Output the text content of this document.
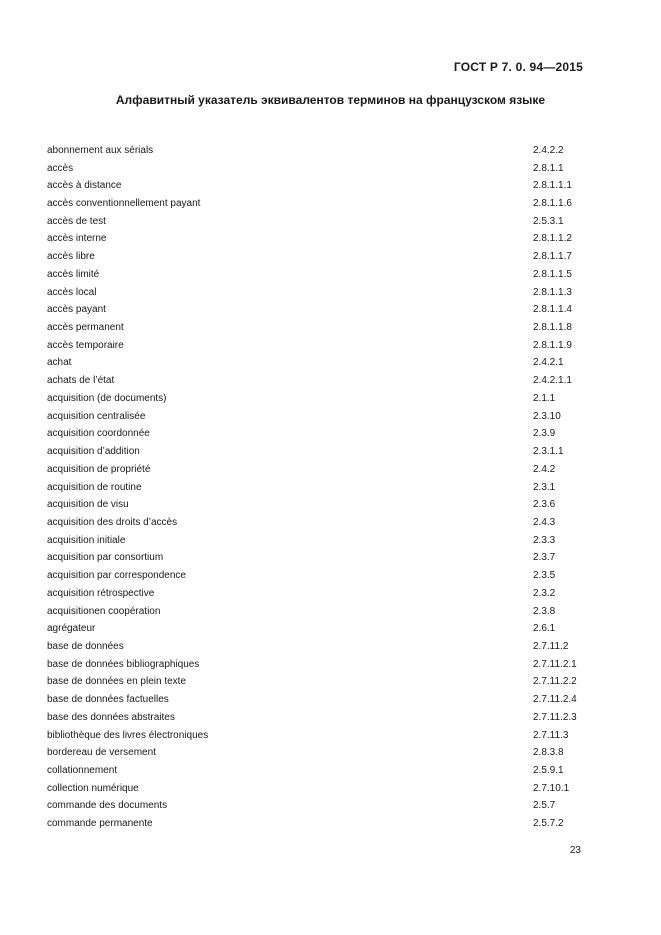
ГОСТ Р 7. 0. 94—2015
Алфавитный указатель эквивалентов терминов на французском языке
abonnement aux sérials	2.4.2.2
accès	2.8.1.1
accès à distance	2.8.1.1.1
accès conventionnellement payant	2.8.1.1.6
accès de test	2.5.3.1
accès interne	2.8.1.1.2
accès libre	2.8.1.1.7
accès limité	2.8.1.1.5
accès local	2.8.1.1.3
accès payant	2.8.1.1.4
accès permanent	2.8.1.1.8
accès temporaire	2.8.1.1.9
achat	2.4.2.1
achats de l’état	2.4.2.1.1
acquisition (de documents)	2.1.1
acquisition centralisée	2.3.10
acquisition coordonnée	2.3.9
acquisition d’addition	2.3.1.1
acquisition de propriété	2.4.2
acquisition de routine	2.3.1
acquisition de visu	2.3.6
acquisition des droits d’accès	2.4.3
acquisition initiale	2.3.3
acquisition par consortium	2.3.7
acquisition par correspondence	2.3.5
acquisition rétrospective	2.3.2
acquisitionen coopération	2.3.8
agrégateur	2.6.1
base de données	2.7.11.2
base de données bibliographiques	2.7.11.2.1
base de données en plein texte	2.7.11.2.2
base de données factuelles	2.7.11.2.4
base des données abstraites	2.7.11.2.3
bibliothèque des livres électroniques	2.7.11.3
bordereau de versement	2.8.3.8
collationnement	2.5.9.1
collection numérique	2.7.10.1
commande des documents	2.5.7
commande permanente	2.5.7.2
23
